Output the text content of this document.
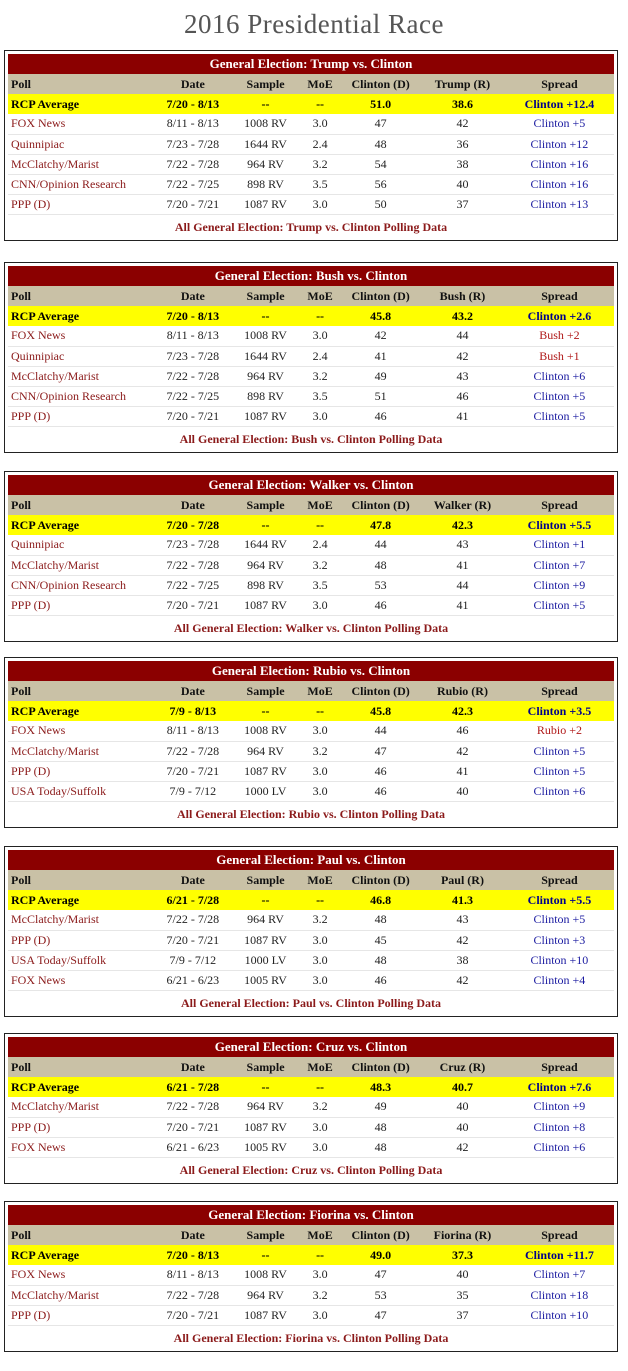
2016 Presidential Race
General Election: Trump vs. Clinton						
Poll	Date	Sample	MoE	Clinton (D)	Trump (R)	Spread
RCP Average	7/20 - 8/13	--	--	51.0	38.6	Clinton +12.4
FOX News	8/11 - 8/13	1008 RV	3.0	47	42	Clinton +5
Quinnipiac	7/23 - 7/28	1644 RV	2.4	48	36	Clinton +12
McClatchy/Marist	7/22 - 7/28	964 RV	3.2	54	38	Clinton +16
CNN/Opinion Research	7/22 - 7/25	898 RV	3.5	56	40	Clinton +16
PPP (D)	7/20 - 7/21	1087 RV	3.0	50	37	Clinton +13
All General Election: Trump vs. Clinton Polling Data						
General Election: Bush vs. Clinton						
Poll	Date	Sample	MoE	Clinton (D)	Bush (R)	Spread
RCP Average	7/20 - 8/13	--	--	45.8	43.2	Clinton +2.6
FOX News	8/11 - 8/13	1008 RV	3.0	42	44	Bush +2
Quinnipiac	7/23 - 7/28	1644 RV	2.4	41	42	Bush +1
McClatchy/Marist	7/22 - 7/28	964 RV	3.2	49	43	Clinton +6
CNN/Opinion Research	7/22 - 7/25	898 RV	3.5	51	46	Clinton +5
PPP (D)	7/20 - 7/21	1087 RV	3.0	46	41	Clinton +5
All General Election: Bush vs. Clinton Polling Data						
General Election: Walker vs. Clinton						
Poll	Date	Sample	MoE	Clinton (D)	Walker (R)	Spread
RCP Average	7/20 - 7/28	--	--	47.8	42.3	Clinton +5.5
Quinnipiac	7/23 - 7/28	1644 RV	2.4	44	43	Clinton +1
McClatchy/Marist	7/22 - 7/28	964 RV	3.2	48	41	Clinton +7
CNN/Opinion Research	7/22 - 7/25	898 RV	3.5	53	44	Clinton +9
PPP (D)	7/20 - 7/21	1087 RV	3.0	46	41	Clinton +5
All General Election: Walker vs. Clinton Polling Data						
General Election: Rubio vs. Clinton						
Poll	Date	Sample	MoE	Clinton (D)	Rubio (R)	Spread
RCP Average	7/9 - 8/13	--	--	45.8	42.3	Clinton +3.5
FOX News	8/11 - 8/13	1008 RV	3.0	44	46	Rubio +2
McClatchy/Marist	7/22 - 7/28	964 RV	3.2	47	42	Clinton +5
PPP (D)	7/20 - 7/21	1087 RV	3.0	46	41	Clinton +5
USA Today/Suffolk	7/9 - 7/12	1000 LV	3.0	46	40	Clinton +6
All General Election: Rubio vs. Clinton Polling Data						
General Election: Paul vs. Clinton						
Poll	Date	Sample	MoE	Clinton (D)	Paul (R)	Spread
RCP Average	6/21 - 7/28	--	--	46.8	41.3	Clinton +5.5
McClatchy/Marist	7/22 - 7/28	964 RV	3.2	48	43	Clinton +5
PPP (D)	7/20 - 7/21	1087 RV	3.0	45	42	Clinton +3
USA Today/Suffolk	7/9 - 7/12	1000 LV	3.0	48	38	Clinton +10
FOX News	6/21 - 6/23	1005 RV	3.0	46	42	Clinton +4
All General Election: Paul vs. Clinton Polling Data						
General Election: Cruz vs. Clinton						
Poll	Date	Sample	MoE	Clinton (D)	Cruz (R)	Spread
RCP Average	6/21 - 7/28	--	--	48.3	40.7	Clinton +7.6
McClatchy/Marist	7/22 - 7/28	964 RV	3.2	49	40	Clinton +9
PPP (D)	7/20 - 7/21	1087 RV	3.0	48	40	Clinton +8
FOX News	6/21 - 6/23	1005 RV	3.0	48	42	Clinton +6
All General Election: Cruz vs. Clinton Polling Data						
General Election: Fiorina vs. Clinton						
Poll	Date	Sample	MoE	Clinton (D)	Fiorina (R)	Spread
RCP Average	7/20 - 8/13	--	--	49.0	37.3	Clinton +11.7
FOX News	8/11 - 8/13	1008 RV	3.0	47	40	Clinton +7
McClatchy/Marist	7/22 - 7/28	964 RV	3.2	53	35	Clinton +18
PPP (D)	7/20 - 7/21	1087 RV	3.0	47	37	Clinton +10
All General Election: Fiorina vs. Clinton Polling Data						
